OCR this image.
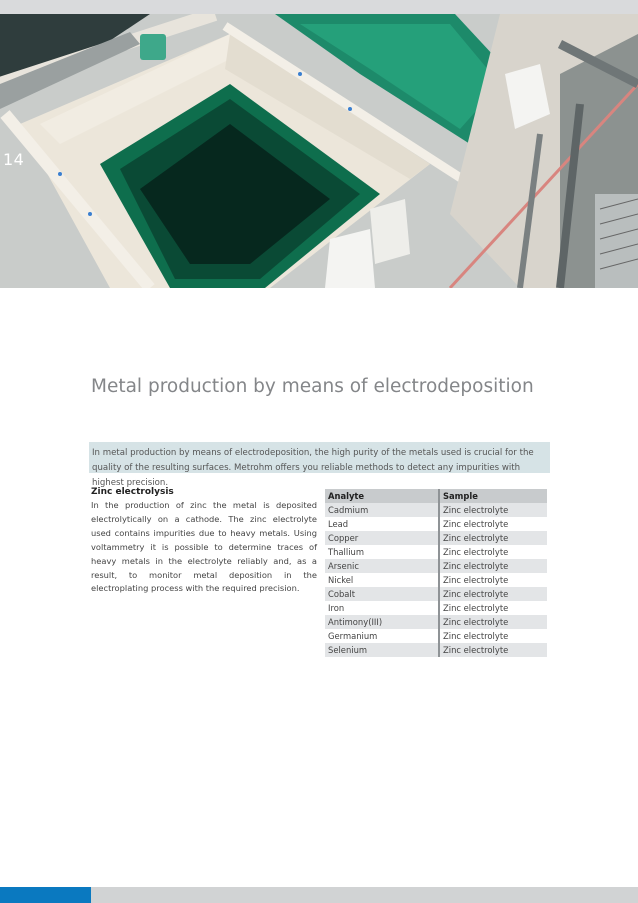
14
Metal production by means of electrodeposition

In metal production by means of electrodeposition, the high purity of the metals used is crucial for the quality of the resulting surfaces. Metrohm offers you reliable methods to detect any impurities with highest precision.

Zinc electrolysis

In the production of zinc the metal is deposited electrolytically on a cathode. The zinc electrolyte used contains impurities due to heavy metals. Using voltammetry it is possible to determine traces of heavy metals in the electrolyte reliably and, as a result, to monitor metal deposition in the electroplating process with the required precision.

Analyte	Sample
Cadmium	Zinc electrolyte
Lead	Zinc electrolyte
Copper	Zinc electrolyte
Thallium	Zinc electrolyte
Arsenic	Zinc electrolyte
Nickel	Zinc electrolyte
Cobalt	Zinc electrolyte
Iron	Zinc electrolyte
Antimony(III)	Zinc electrolyte
Germanium	Zinc electrolyte
Selenium	Zinc electrolyte
